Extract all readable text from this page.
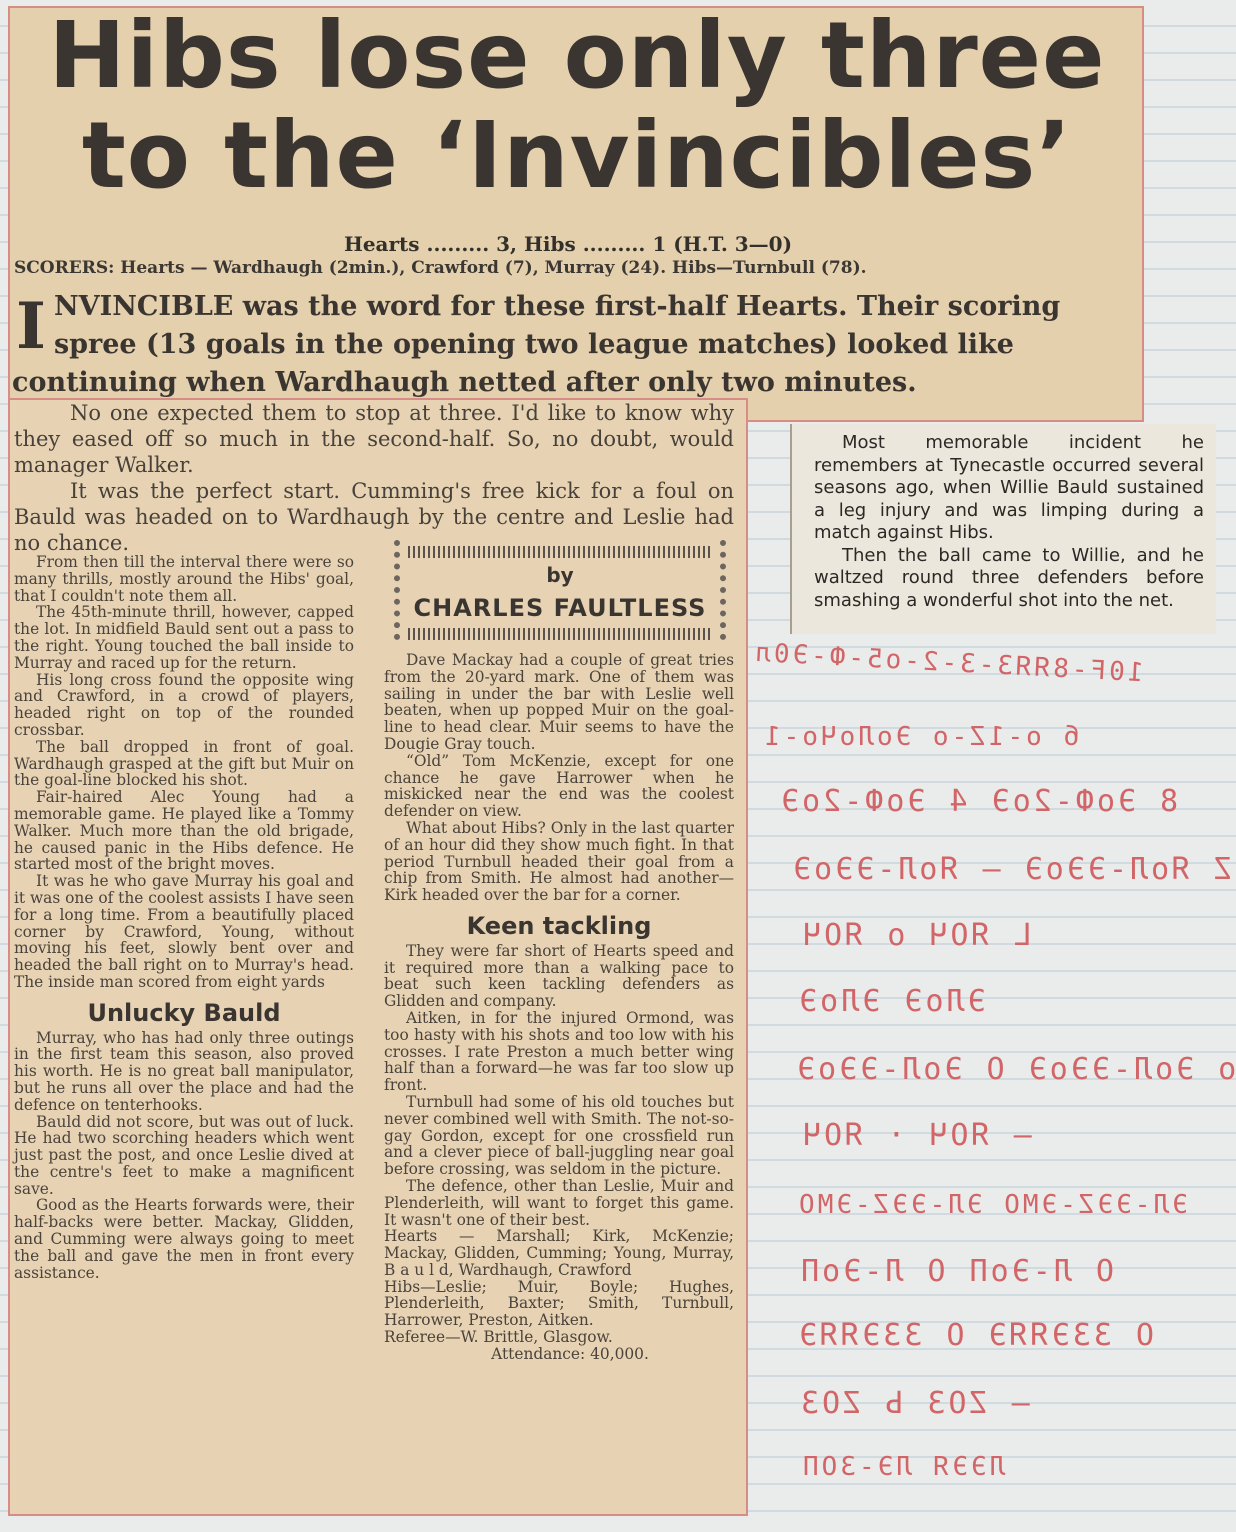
Hibs lose only three
to the ‘Invincibles’
Hearts ......... 3, Hibs ......... 1 (H.T. 3—0)
SCORERS: Hearts — Wardhaugh (2min.), Crawford (7), Murray (24). Hibs—Turnbull (78).
INVINCIBLE was the word for these first-half Hearts. Their scoring spree (13 goals in the opening two league matches) looked like continuing when Wardhaugh netted after only two minutes.

No one expected them to stop at three. I'd like to know why they eased off so much in the second-half. So, no doubt, would manager Walker.

It was the perfect start. Cumming's free kick for a foul on Bauld was headed on to Wardhaugh by the centre and Leslie had no chance.

by
CHARLES FAULTLESS

From then till the interval there were so many thrills, mostly around the Hibs' goal, that I couldn't note them all.

The 45th-minute thrill, however, capped the lot. In midfield Bauld sent out a pass to the right. Young touched the ball inside to Murray and raced up for the return.

His long cross found the opposite wing and Crawford, in a crowd of players, headed right on top of the rounded crossbar.

The ball dropped in front of goal. Wardhaugh grasped at the gift but Muir on the goal-line blocked his shot.

Fair-haired Alec Young had a memorable game. He played like a Tommy Walker. Much more than the old brigade, he caused panic in the Hibs defence. He started most of the bright moves.

It was he who gave Murray his goal and it was one of the coolest assists I have seen for a long time. From a beautifully placed corner by Crawford, Young, without moving his feet, slowly bent over and headed the ball right on to Murray's head. The inside man scored from eight yards

Unlucky Bauld

Murray, who has had only three outings in the first team this season, also proved his worth. He is no great ball manipulator, but he runs all over the place and had the defence on tenterhooks.

Bauld did not score, but was out of luck. He had two scorching headers which went just past the post, and once Leslie dived at the centre's feet to make a magnificent save.

Good as the Hearts forwards were, their half-backs were better. Mackay, Glidden, and Cumming were always going to meet the ball and gave the men in front every assistance.

Dave Mackay had a couple of great tries from the 20-yard mark. One of them was sailing in under the bar with Leslie well beaten, when up popped Muir on the goal-line to head clear. Muir seems to have the Dougie Gray touch.

“Old” Tom McKenzie, except for one chance he gave Harrower when he miskicked near the end was the coolest defender on view.

What about Hibs? Only in the last quarter of an hour did they show much fight. In that period Turnbull headed their goal from a chip from Smith. He almost had another—Kirk headed over the bar for a corner.

Keen tackling

They were far short of Hearts speed and it required more than a walking pace to beat such keen tackling defenders as Glidden and company.

Aitken, in for the injured Ormond, was too hasty with his shots and too low with his crosses. I rate Preston a much better wing half than a forward—he was far too slow up front.

Turnbull had some of his old touches but never combined well with Smith. The not-so-gay Gordon, except for one crossfield run and a clever piece of ball-juggling near goal before crossing, was seldom in the picture.

The defence, other than Leslie, Muir and Plenderleith, will want to forget this game. It wasn't one of their best.

Hearts — Marshall; Kirk, McKenzie; Mackay, Glidden, Cumming; Young, Murray, B a u l d, Wardhaugh, Crawford

Hibs—Leslie; Muir, Boyle; Hughes, Plenderleith, Baxter; Smith, Turnbull, Harrower, Preston, Aitken.

Referee—W. Brittle, Glasgow.

Attendance: 40,000.

Most memorable incident he remembers at Tynecastle occurred several seasons ago, when Willie Bauld sustained a leg injury and was limping during a match against Hibs.

Then the ball came to Willie, and he waltzed round three defenders before smashing a wonderful shot into the net.

10F-8ЯЯЗ-З-2-о5-Ф-Э0л
б о-1Z-о ЭоЛоЧо-1
8 ЭоФ-2оЭ 4 ЭоФ-2оЭ
Z ЯоЛ-ЭЭоЭ — ЯоЛ-ЭЭоЭ
L ЯОЧ о ЯОЧ
ЭЛоЭ ЭЛоЭ
о ЭоЛ-ЭЭоЭ О ЭоЛ-ЭЭоЭ
— ЯОЧ · ЯОЧ
ЭЛ-ЭЭZ-ЭМО ЭЛ-ЭЭZ-ЭМО
О Л-ЭоП О Л-ЭоП
О ЗЗЭЯЯЭ О ЗЗЭЯЯЭ
— ZОЗ Ь ZОЗ
ЛЭЭЯ ЛЭ-ЗОП
